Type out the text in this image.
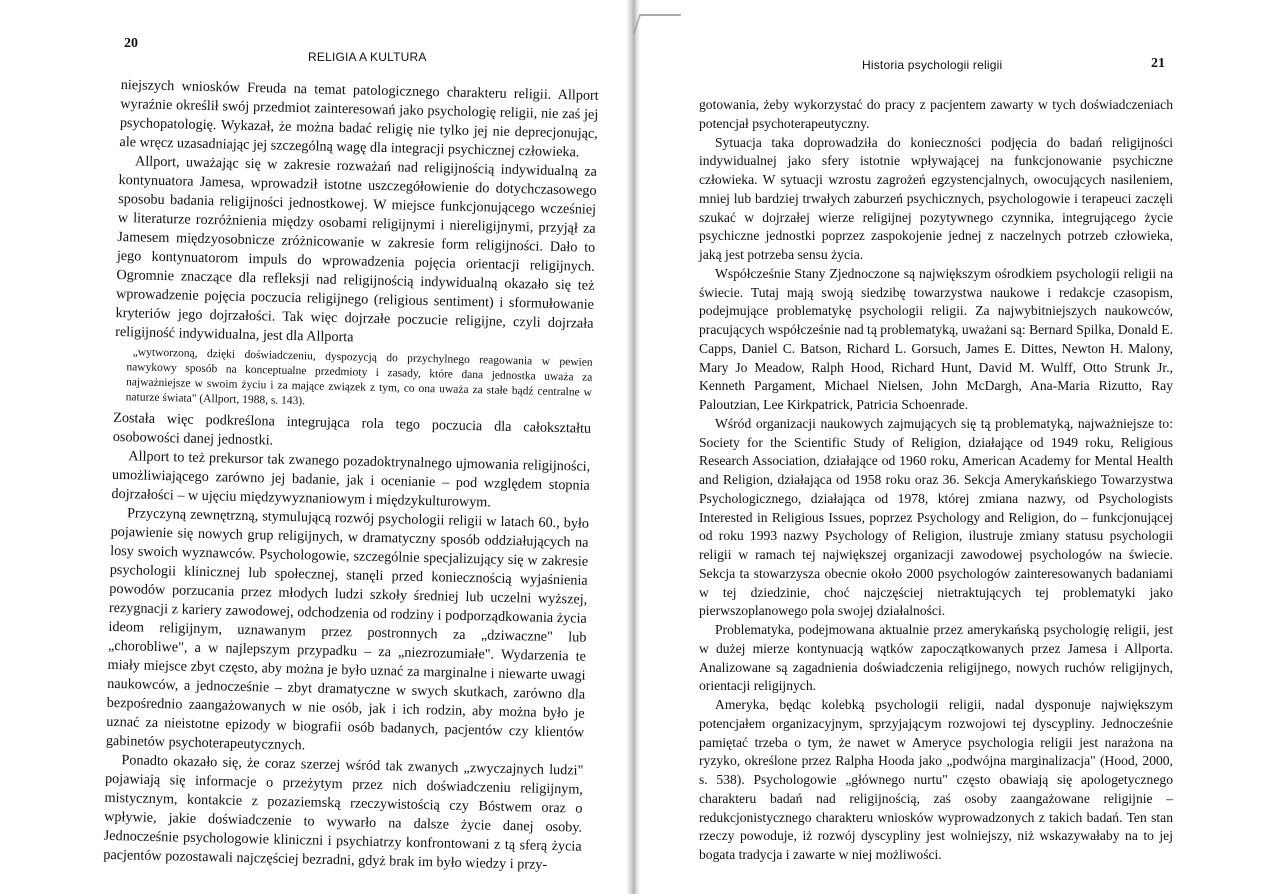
20
RELIGIA A KULTURA

niejszych wniosków Freuda na temat patologicznego charakteru religii. Allport wyraźnie określił swój przedmiot zainteresowań jako psychologię religii, nie zaś jej psychopatologię. Wykazał, że można badać religię nie tylko jej nie deprecjonując, ale wręcz uzasadniając jej szczególną wagę dla integracji psychicznej człowieka.

Allport, uważając się w zakresie rozważań nad religijnością indywidualną za kontynuatora Jamesa, wprowadził istotne uszczegółowienie do dotychczasowego sposobu badania religijności jednostkowej. W miejsce funkcjonującego wcześniej w literaturze rozróżnienia między osobami religijnymi i niereligijnymi, przyjął za Jamesem międzyosobnicze zróżnicowanie w zakresie form religijności. Dało to jego kontynuatorom impuls do wprowadzenia pojęcia orientacji religijnych. Ogromnie znaczące dla refleksji nad religijnością indywidualną okazało się też wprowadzenie pojęcia poczucia religijnego (religious sentiment) i sformułowanie kryteriów jego dojrzałości. Tak więc dojrzałe poczucie religijne, czyli dojrzała religijność indywidualna, jest dla Allporta

„wytworzoną, dzięki doświadczeniu, dyspozycją do przychylnego reagowania w pewien nawykowy sposób na konceptualne przedmioty i zasady, które dana jednostka uważa za najważniejsze w swoim życiu i za mające związek z tym, co ona uważa za stałe bądź centralne w naturze świata" (Allport, 1988, s. 143).

Została więc podkreślona integrująca rola tego poczucia dla całokształtu osobowości danej jednostki.

Allport to też prekursor tak zwanego pozadoktrynalnego ujmowania religijności, umożliwiającego zarówno jej badanie, jak i ocenianie – pod względem stopnia dojrzałości – w ujęciu międzywyznaniowym i międzykulturowym.

Przyczyną zewnętrzną, stymulującą rozwój psychologii religii w latach 60., było pojawienie się nowych grup religijnych, w dramatyczny sposób oddziałujących na losy swoich wyznawców. Psychologowie, szczególnie specjalizujący się w zakresie psychologii klinicznej lub społecznej, stanęli przed koniecznością wyjaśnienia powodów porzucania przez młodych ludzi szkoły średniej lub uczelni wyższej, rezygnacji z kariery zawodowej, odchodzenia od rodziny i podporządkowania życia ideom religijnym, uznawanym przez postronnych za „dziwaczne" lub „chorobliwe", a w najlepszym przypadku – za „niezrozumiałe". Wydarzenia te miały miejsce zbyt często, aby można je było uznać za marginalne i niewarte uwagi naukowców, a jednocześnie – zbyt dramatyczne w swych skutkach, zarówno dla bezpośrednio zaangażowanych w nie osób, jak i ich rodzin, aby można było je uznać za nieistotne epizody w biografii osób badanych, pacjentów czy klientów gabinetów psychoterapeutycznych.

Ponadto okazało się, że coraz szerzej wśród tak zwanych „zwyczajnych ludzi" pojawiają się informacje o przeżytym przez nich doświadczeniu religijnym, mistycznym, kontakcie z pozaziemską rzeczywistością czy Bóstwem oraz o wpływie, jakie doświadczenie to wywarło na dalsze życie danej osoby. Jednocześnie psychologowie kliniczni i psychiatrzy konfrontowani z tą sferą życia pacjentów pozostawali najczęściej bezradni, gdyż brak im było wiedzy i przy-

Historia psychologii religii	21

gotowania, żeby wykorzystać do pracy z pacjentem zawarty w tych doświadczeniach potencjał psychoterapeutyczny.

Sytuacja taka doprowadziła do konieczności podjęcia do badań religijności indywidualnej jako sfery istotnie wpływającej na funkcjonowanie psychiczne człowieka. W sytuacji wzrostu zagrożeń egzystencjalnych, owocujących nasileniem, mniej lub bardziej trwałych zaburzeń psychicznych, psychologowie i terapeuci zaczęli szukać w dojrzałej wierze religijnej pozytywnego czynnika, integrującego życie psychiczne jednostki poprzez zaspokojenie jednej z naczelnych potrzeb człowieka, jaką jest potrzeba sensu życia.

Współcześnie Stany Zjednoczone są największym ośrodkiem psychologii religii na świecie. Tutaj mają swoją siedzibę towarzystwa naukowe i redakcje czasopism, podejmujące problematykę psychologii religii. Za najwybitniejszych naukowców, pracujących współcześnie nad tą problematyką, uważani są: Bernard Spilka, Donald E. Capps, Daniel C. Batson, Richard L. Gorsuch, James E. Dittes, Newton H. Malony, Mary Jo Meadow, Ralph Hood, Richard Hunt, David M. Wulff, Otto Strunk Jr., Kenneth Pargament, Michael Nielsen, John McDargh, Ana-Maria Rizutto, Ray Paloutzian, Lee Kirkpatrick, Patricia Schoenrade.

Wśród organizacji naukowych zajmujących się tą problematyką, najważniejsze to: Society for the Scientific Study of Religion, działające od 1949 roku, Religious Research Association, działające od 1960 roku, American Academy for Mental Health and Religion, działająca od 1958 roku oraz 36. Sekcja Amerykańskiego Towarzystwa Psychologicznego, działająca od 1978, której zmiana nazwy, od Psychologists Interested in Religious Issues, poprzez Psychology and Religion, do – funkcjonującej od roku 1993 nazwy Psychology of Religion, ilustruje zmiany statusu psychologii religii w ramach tej największej organizacji zawodowej psychologów na świecie. Sekcja ta stowarzysza obecnie około 2000 psychologów zainteresowanych badaniami w tej dziedzinie, choć najczęściej nietraktujących tej problematyki jako pierwszoplanowego pola swojej działalności.

Problematyka, podejmowana aktualnie przez amerykańską psychologię religii, jest w dużej mierze kontynuacją wątków zapoczątkowanych przez Jamesa i Allporta. Analizowane są zagadnienia doświadczenia religijnego, nowych ruchów religijnych, orientacji religijnych.

Ameryka, będąc kolebką psychologii religii, nadal dysponuje największym potencjałem organizacyjnym, sprzyjającym rozwojowi tej dyscypliny. Jednocześnie pamiętać trzeba o tym, że nawet w Ameryce psychologia religii jest narażona na ryzyko, określone przez Ralpha Hooda jako „podwójna marginalizacja" (Hood, 2000, s. 538). Psychologowie „głównego nurtu" często obawiają się apologetycznego charakteru badań nad religijnością, zaś osoby zaangażowane religijnie – redukcjonistycznego charakteru wniosków wyprowadzonych z takich badań. Ten stan rzeczy powoduje, iż rozwój dyscypliny jest wolniejszy, niż wskazywałaby na to jej bogata tradycja i zawarte w niej możliwości.
